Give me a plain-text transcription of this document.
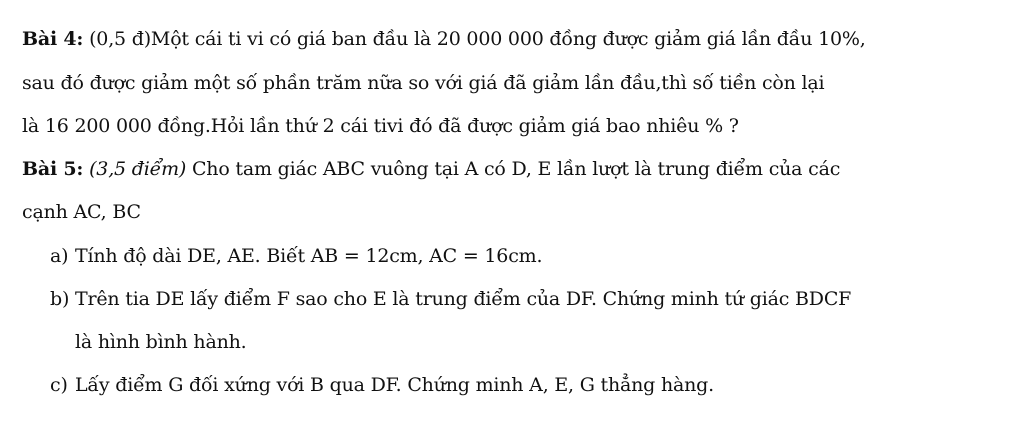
Bài 4: (0,5 đ)Một cái ti vi có giá ban đầu là 20 000 000 đồng được giảm giá lần đầu 10%,
sau đó được giảm một số phần trăm nữa so với giá đã giảm lần đầu,thì số tiền còn lại
là 16 200 000 đồng.Hỏi lần thứ 2 cái tivi đó đã được giảm giá bao nhiêu % ?
Bài 5: (3,5 điểm) Cho tam giác ABC vuông tại A có D, E lần lượt là trung điểm của các
cạnh AC, BC
a) Tính độ dài DE, AE. Biết AB = 12cm, AC = 16cm.
b) Trên tia DE lấy điểm F sao cho E là trung điểm của DF. Chứng minh tứ giác BDCF
là hình bình hành.
c) Lấy điểm G đối xứng với B qua DF. Chứng minh A, E, G thẳng hàng.
